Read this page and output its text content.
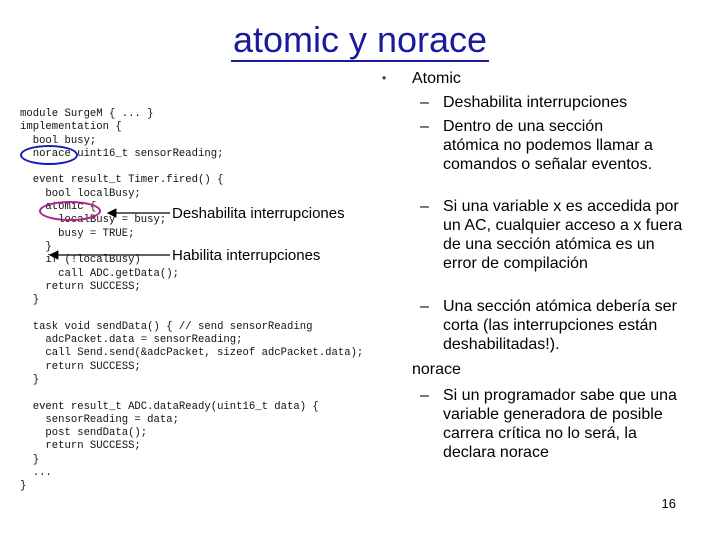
atomic y norace
module SurgeM { ... }
implementation {
bool busy;
norace uint16_t sensorReading;
event result_t Timer.fired() {
bool localBusy;
atomic {
localBusy = busy;
busy = TRUE;
}
if (!localBusy)
call ADC.getData();
return SUCCESS;
}
task void sendData() { // send sensorReading
adcPacket.data = sensorReading;
call Send.send(&adcPacket, sizeof adcPacket.data);
return SUCCESS;
}
event result_t ADC.dataReady(uint16_t data) {
sensorReading = data;
post sendData();
return SUCCESS;
}
...
}
Deshabilita interrupciones
Habilita interrupciones
• Atomic
– Deshabilita interrupciones
– Dentro de una sección atómica no podemos llamar a comandos o señalar eventos.
– Si una variable x es accedida por un AC, cualquier acceso a x fuera de una sección atómica es un error de compilación
– Una sección atómica debería ser corta (las interrupciones están deshabilitadas!).
norace
– Si un programador sabe que una variable generadora de posible carrera crítica no lo será, la declara norace
16
